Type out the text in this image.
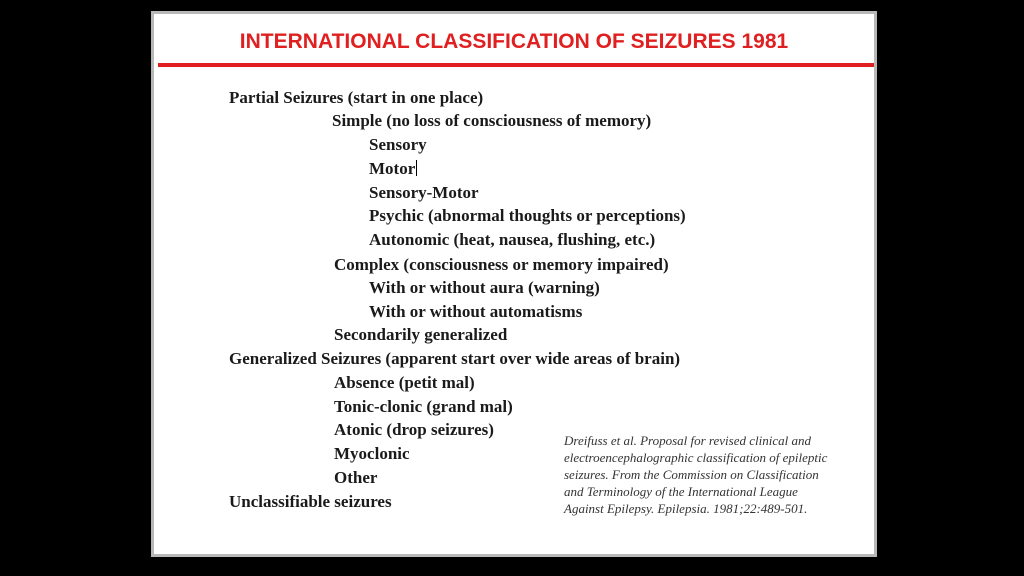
INTERNATIONAL CLASSIFICATION OF SEIZURES 1981
Partial Seizures (start in one place)
Simple (no loss of consciousness of memory)
Sensory
Motor
Sensory-Motor
Psychic (abnormal thoughts or perceptions)
Autonomic (heat, nausea, flushing, etc.)
Complex (consciousness or memory impaired)
With or without aura (warning)
With or without automatisms
Secondarily generalized
Generalized Seizures (apparent start over wide areas of brain)
Absence (petit mal)
Tonic-clonic (grand mal)
Atonic (drop seizures)
Myoclonic
Other
Unclassifiable seizures
Dreifuss et al. Proposal for revised clinical and
electroencephalographic classification of epileptic
seizures. From the Commission on Classification
and Terminology of the International League
Against Epilepsy. Epilepsia. 1981;22:489-501.
